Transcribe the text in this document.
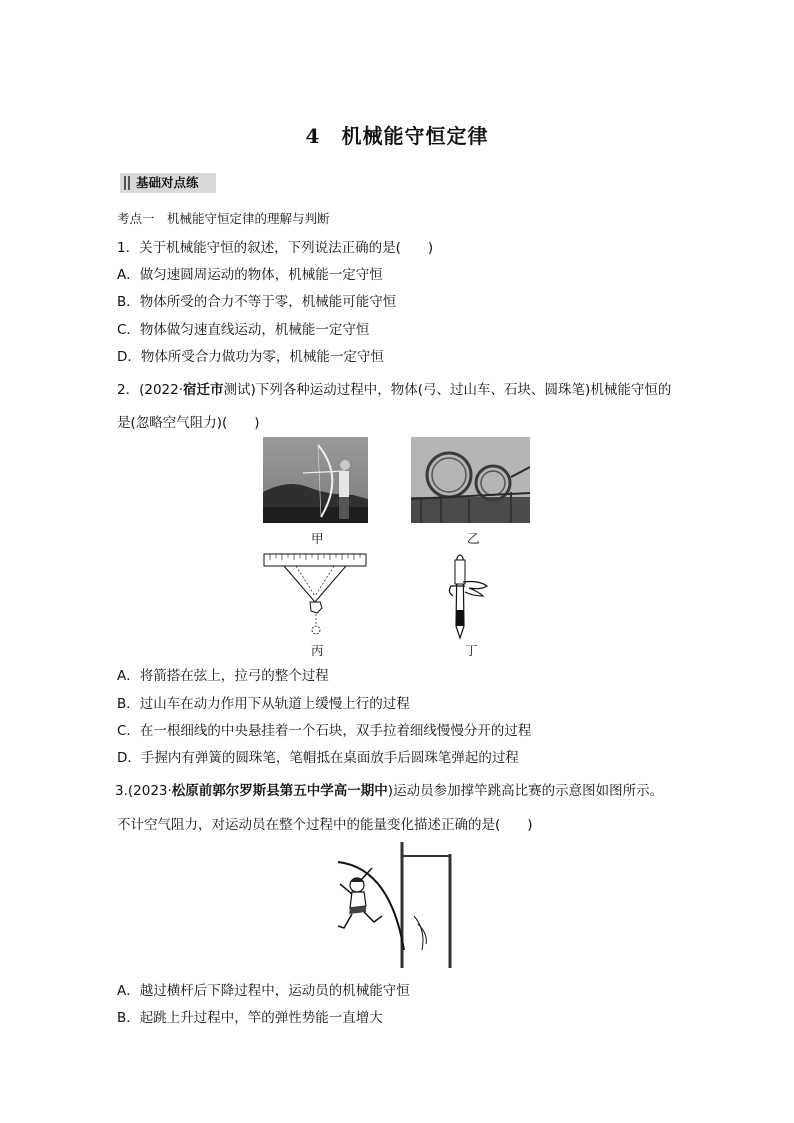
4　机械能守恒定律
基础对点练
考点一　机械能守恒定律的理解与判断
1．关于机械能守恒的叙述，下列说法正确的是(　　)
A．做匀速圆周运动的物体，机械能一定守恒
B．物体所受的合力不等于零，机械能可能守恒
C．物体做匀速直线运动，机械能一定守恒
D．物体所受合力做功为零，机械能一定守恒
2．(2022·宿迁市测试)下列各种运动过程中，物体(弓、过山车、石块、圆珠笔)机械能守恒的
是(忽略空气阻力)(　　)
甲	乙
丙	丁
A．将箭搭在弦上，拉弓的整个过程
B．过山车在动力作用下从轨道上缓慢上行的过程
C．在一根细线的中央悬挂着一个石块，双手拉着细线慢慢分开的过程
D．手握内有弹簧的圆珠笔，笔帽抵在桌面放手后圆珠笔弹起的过程
3.(2023·松原前郭尔罗斯县第五中学高一期中)运动员参加撑竿跳高比赛的示意图如图所示。
不计空气阻力，对运动员在整个过程中的能量变化描述正确的是(　　)
A．越过横杆后下降过程中，运动员的机械能守恒
B．起跳上升过程中，竿的弹性势能一直增大
